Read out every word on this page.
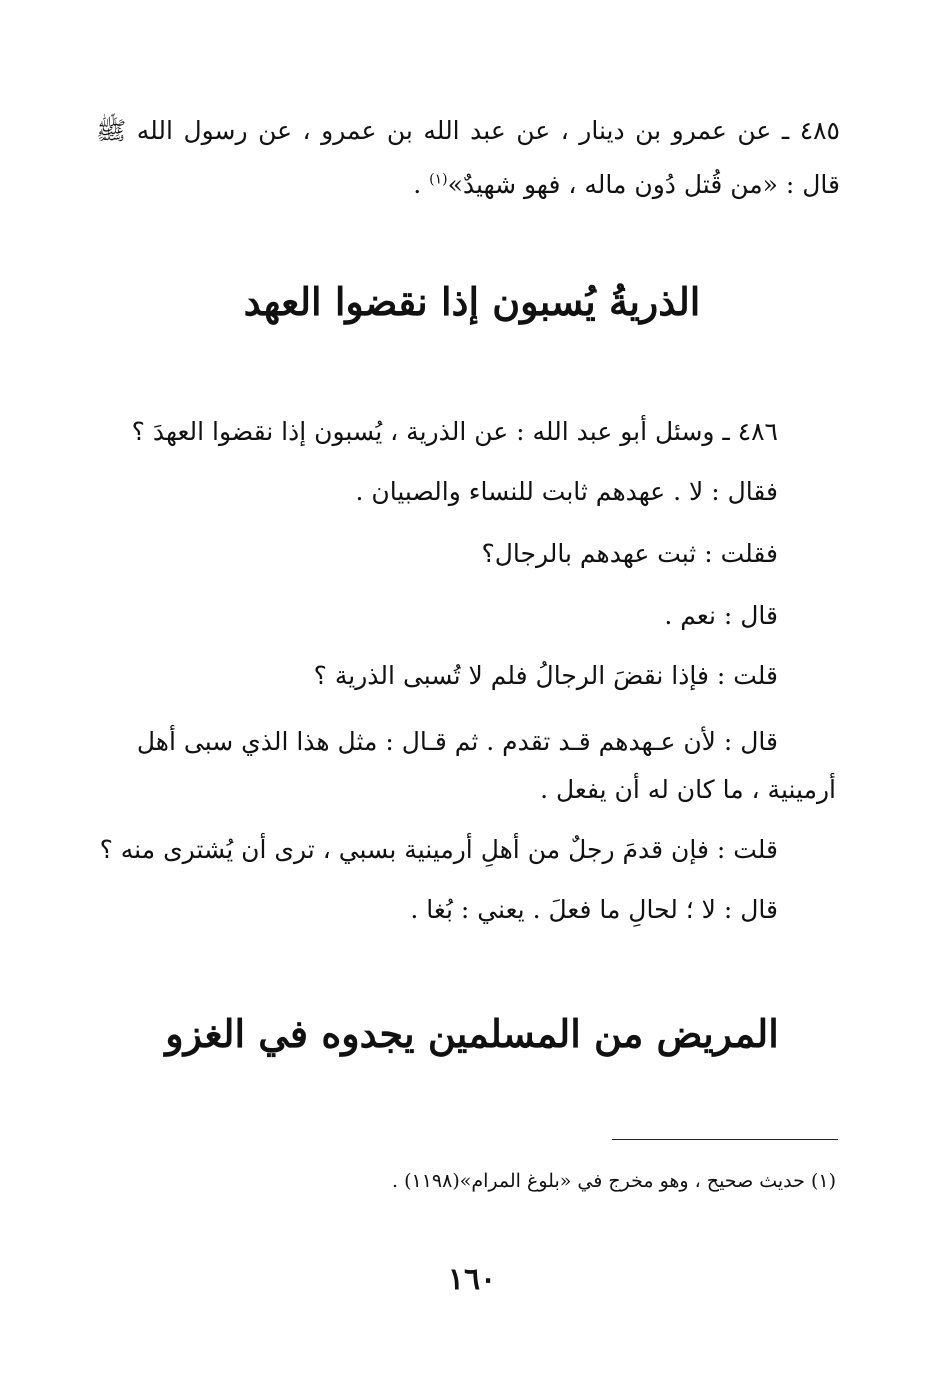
٤٨٥ ـ عن عمرو بن دينار ، عن عبد الله بن عمرو ، عن رسول الله ﷺ قال : «من قُتل دُون ماله ، فهو شهيدٌ»$^{(١)}$ .
الذريةُ يُسبون إذا نقضوا العهد
٤٨٦ ـ وسئل أبو عبد الله : عن الذرية ، يُسبون إذا نقضوا العهدَ ؟
فقال : لا . عهدهم ثابت للنساء والصبيان .
فقلت : ثبت عهدهم بالرجال؟
قال : نعم .
قلت : فإذا نقضَ الرجالُ فلم لا تُسبى الذرية ؟
قال : لأن عـهدهم قـد تقدم . ثم قـال : مثل هذا الذي سبى أهل
أرمينية ، ما كان له أن يفعل .
قلت : فإن قدمَ رجلٌ من أهلِ أرمينية بسبي ، ترى أن يُشترى منه ؟
قال : لا ؛ لحالِ ما فعلَ . يعني : بُغا .
المريض من المسلمين يجدوه في الغزو
(١) حديث صحيح ، وهو مخرج في «بلوغ المرام»(١١٩٨) .
١٦٠
